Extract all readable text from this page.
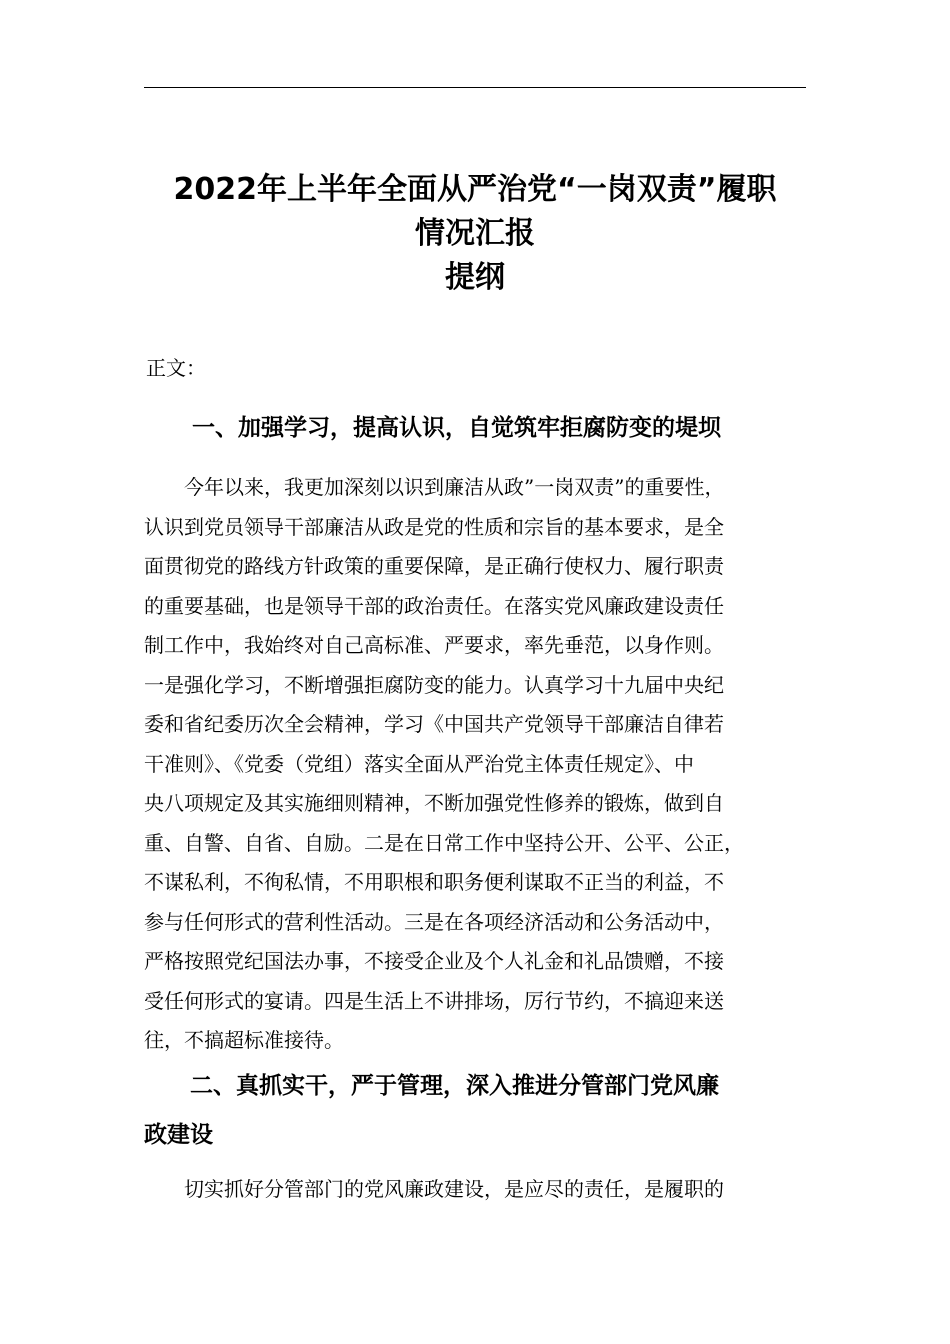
2022年上半年全面从严治党“一岗双责”履职
情况汇报
提纲
正文：
一、加强学习，提高认识，自觉筑牢拒腐防变的堤坝
　　今年以来，我更加深刻以识到廉洁从政”一岗双责”的重要性，
认识到党员领导干部廉洁从政是党的性质和宗旨的基本要求，是全
面贯彻党的路线方针政策的重要保障，是正确行使权力、履行职责
的重要基础，也是领导干部的政治责任。在落实党风廉政建设责任
制工作中，我始终对自己高标准、严要求，率先垂范，以身作则。
一是强化学习，不断增强拒腐防变的能力。认真学习十九届中央纪
委和省纪委历次全会精神，学习《中国共产党领导干部廉洁自律若
干准则》、《党委（党组）落实全面从严治党主体责任规定》、中
央八项规定及其实施细则精神，不断加强党性修养的锻炼，做到自
重、自警、自省、自励。二是在日常工作中坚持公开、公平、公正，
不谋私利，不徇私情，不用职根和职务便利谋取不正当的利益，不
参与任何形式的营利性活动。三是在各项经济活动和公务活动中，
严格按照党纪国法办事，不接受企业及个人礼金和礼品馈赠，不接
受任何形式的宴请。四是生活上不讲排场，厉行节约，不搞迎来送
往，不搞超标准接待。
　　二、真抓实干，严于管理，深入推进分管部门党风廉
政建设
　　切实抓好分管部门的党风廉政建设，是应尽的责任，是履职的
